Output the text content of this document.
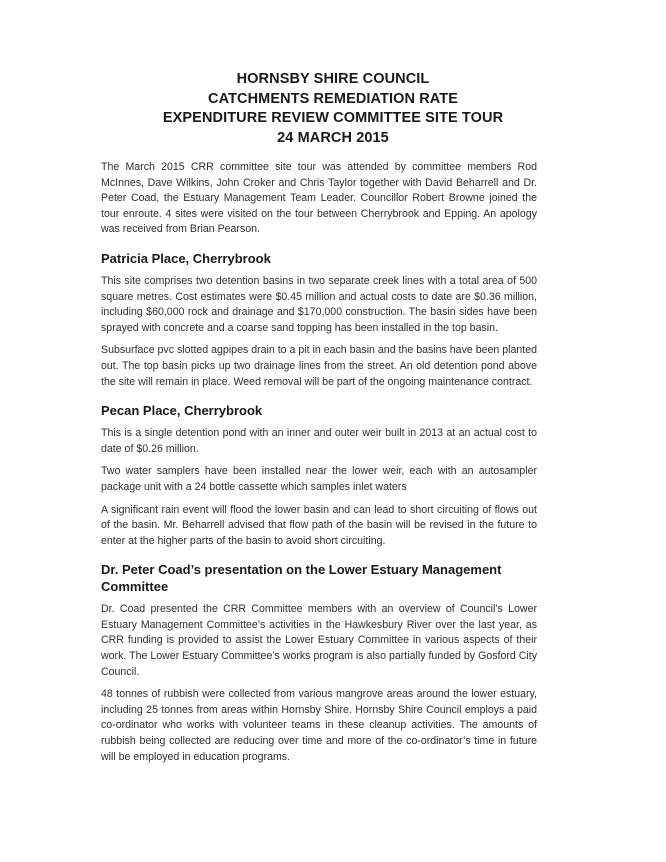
HORNSBY SHIRE COUNCIL
CATCHMENTS REMEDIATION RATE
EXPENDITURE REVIEW COMMITTEE SITE TOUR
24 MARCH 2015

The March 2015 CRR committee site tour was attended by committee members Rod McInnes, Dave Wilkins, John Croker and Chris Taylor together with David Beharrell and Dr. Peter Coad, the Estuary Management Team Leader. Councillor Robert Browne joined the tour enroute. 4 sites were visited on the tour between Cherrybrook and Epping. An apology was received from Brian Pearson.

Patricia Place, Cherrybrook

This site comprises two detention basins in two separate creek lines with a total area of 500 square metres. Cost estimates were $0.45 million and actual costs to date are $0.36 million, including $60,000 rock and drainage and $170,000 construction. The basin sides have been sprayed with concrete and a coarse sand topping has been installed in the top basin.

Subsurface pvc slotted agpipes drain to a pit in each basin and the basins have been planted out. The top basin picks up two drainage lines from the street. An old detention pond above the site will remain in place. Weed removal will be part of the ongoing maintenance contract.

Pecan Place, Cherrybrook

This is a single detention pond with an inner and outer weir built in 2013 at an actual cost to date of $0.26 million.

Two water samplers have been installed near the lower weir, each with an autosampler package unit with a 24 bottle cassette which samples inlet waters

A significant rain event will flood the lower basin and can lead to short circuiting of flows out of the basin. Mr. Beharrell advised that flow path of the basin will be revised in the future to enter at the higher parts of the basin to avoid short circuiting.

Dr. Peter Coad’s presentation on the Lower Estuary Management Committee

Dr. Coad presented the CRR Committee members with an overview of Council’s Lower Estuary Management Committee’s activities in the Hawkesbury River over the last year, as CRR funding is provided to assist the Lower Estuary Committee in various aspects of their work. The Lower Estuary Committee’s works program is also partially funded by Gosford City Council.

48 tonnes of rubbish were collected from various mangrove areas around the lower estuary, including 25 tonnes from areas within Hornsby Shire. Hornsby Shire Council employs a paid co-ordinator who works with volunteer teams in these cleanup activities. The amounts of rubbish being collected are reducing over time and more of the co-ordinator’s time in future will be employed in education programs.
